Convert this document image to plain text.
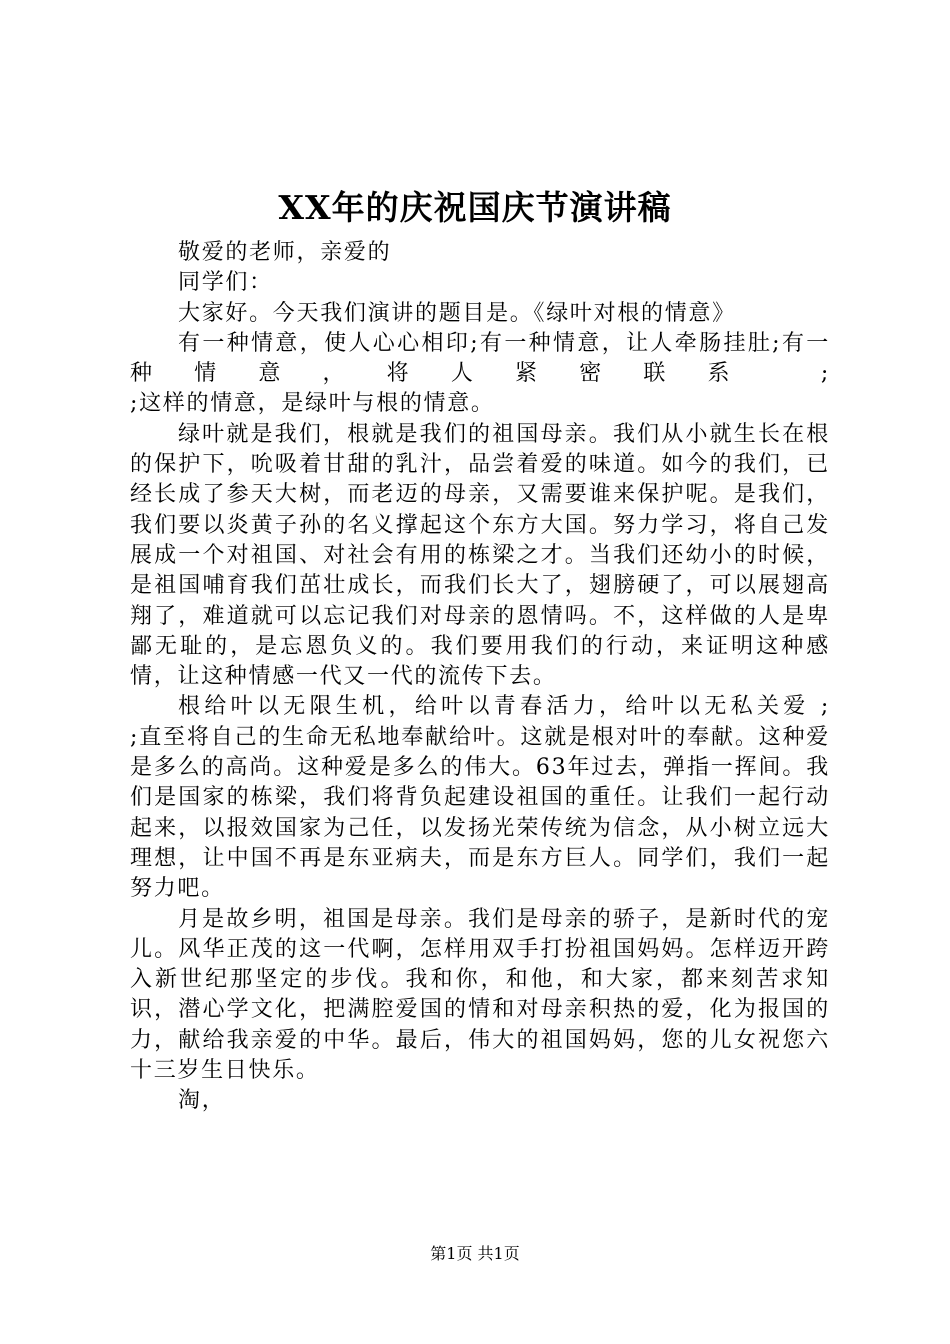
XX年的庆祝国庆节演讲稿

敬爱的老师，亲爱的

同学们：

大家好。今天我们演讲的题目是。《绿叶对根的情意》

有一种情意，使人心心相印;有一种情意，让人牵肠挂肚;有一种情意，将人紧密联系 ;

;这样的情意，是绿叶与根的情意。

绿叶就是我们，根就是我们的祖国母亲。我们从小就生长在根的保护下，吮吸着甘甜的乳汁，品尝着爱的味道。如今的我们，已经长成了参天大树，而老迈的母亲，又需要谁来保护呢。是我们，我们要以炎黄子孙的名义撑起这个东方大国。努力学习，将自己发展成一个对祖国、对社会有用的栋梁之才。当我们还幼小的时候，是祖国哺育我们茁壮成长，而我们长大了，翅膀硬了，可以展翅高翔了，难道就可以忘记我们对母亲的恩情吗。不，这样做的人是卑鄙无耻的，是忘恩负义的。我们要用我们的行动，来证明这种感情，让这种情感一代又一代的流传下去。

根给叶以无限生机，给叶以青春活力，给叶以无私关爱 ;

;直至将自己的生命无私地奉献给叶。这就是根对叶的奉献。这种爱是多么的高尚。这种爱是多么的伟大。63年过去，弹指一挥间。我们是国家的栋梁，我们将背负起建设祖国的重任。让我们一起行动起来，以报效国家为己任，以发扬光荣传统为信念，从小树立远大理想，让中国不再是东亚病夫，而是东方巨人。同学们，我们一起努力吧。

月是故乡明，祖国是母亲。我们是母亲的骄子，是新时代的宠儿。风华正茂的这一代啊，怎样用双手打扮祖国妈妈。怎样迈开跨入新世纪那坚定的步伐。我和你，和他，和大家，都来刻苦求知识，潜心学文化，把满腔爱国的情和对母亲积热的爱，化为报国的力，献给我亲爱的中华。最后，伟大的祖国妈妈，您的儿女祝您六十三岁生日快乐。

淘，

第1页 共1页
